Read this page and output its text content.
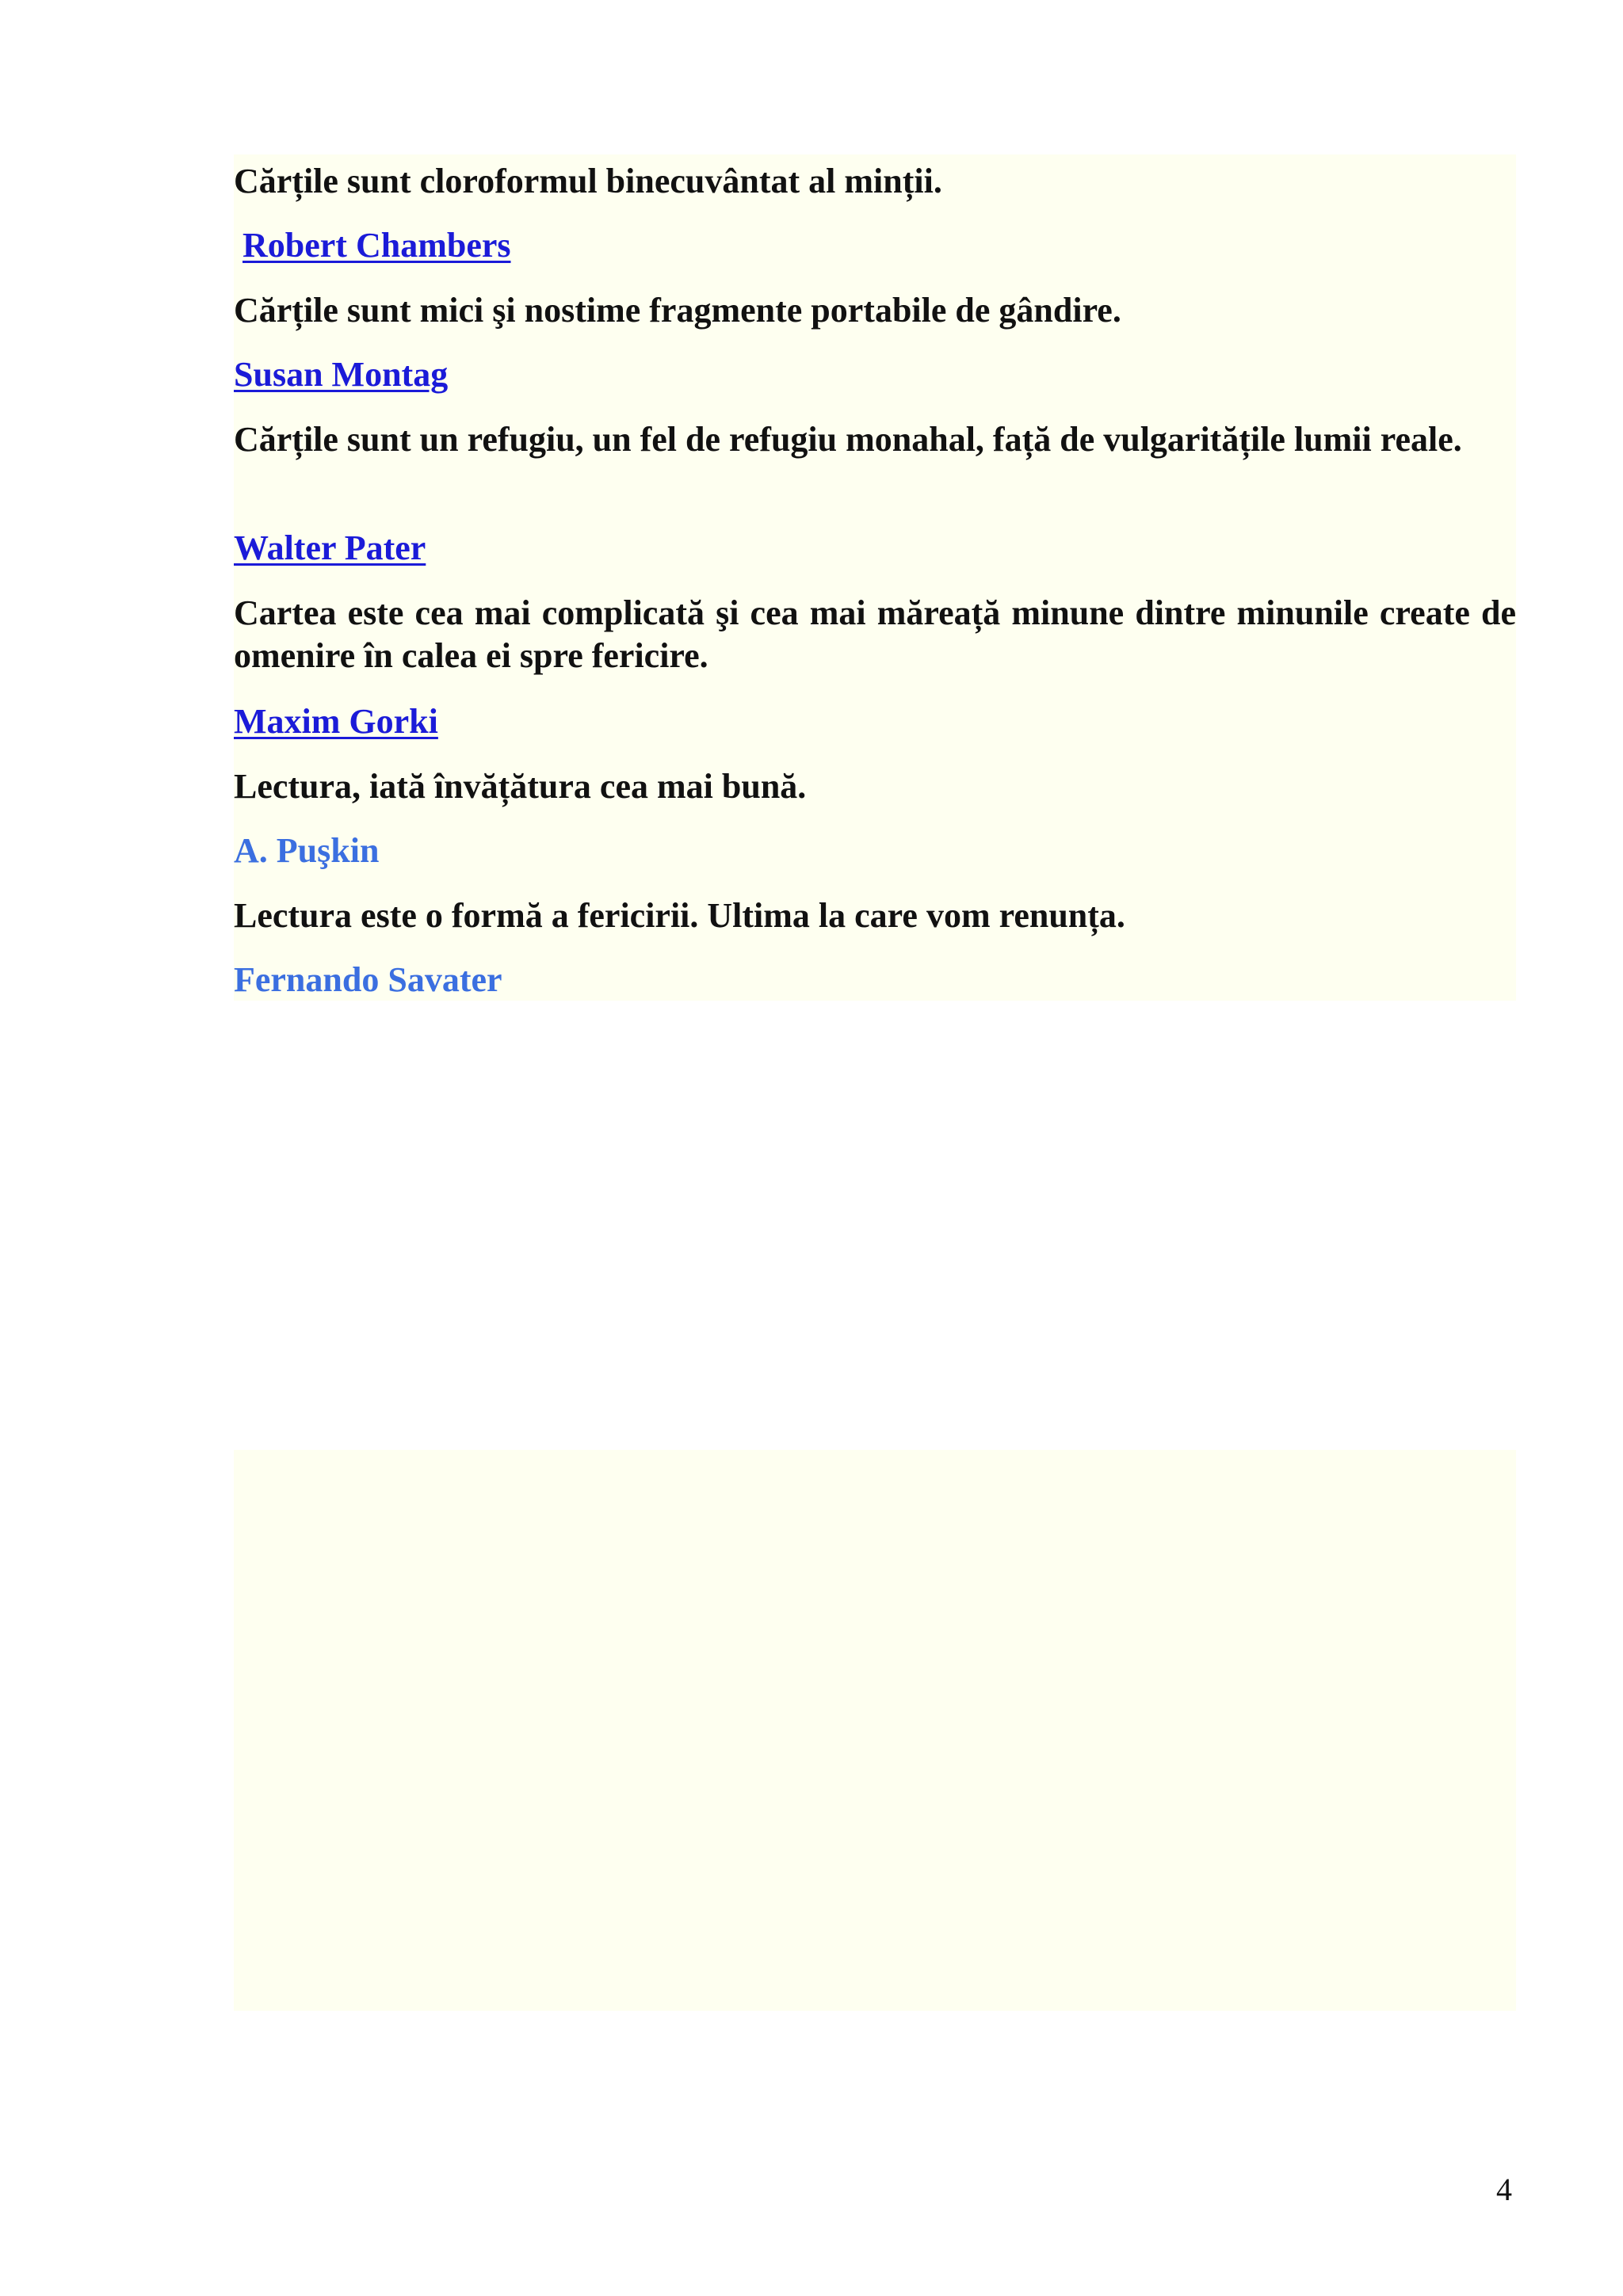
Cărțile sunt cloroformul binecuvântat al minții.

Robert Chambers

Cărțile sunt mici şi nostime fragmente portabile de gândire.

Susan Montag

Cărțile sunt un refugiu, un fel de refugiu monahal, față de vulgaritățile lumii reale.

Walter Pater

Cartea este cea mai complicată şi cea mai măreață minune dintre minunile create de omenire în calea ei spre fericire.

Maxim Gorki

Lectura, iată învățătura cea mai bună.

A. Puşkin

Lectura este o formă a fericirii. Ultima la care vom renunța.

Fernando Savater

4
